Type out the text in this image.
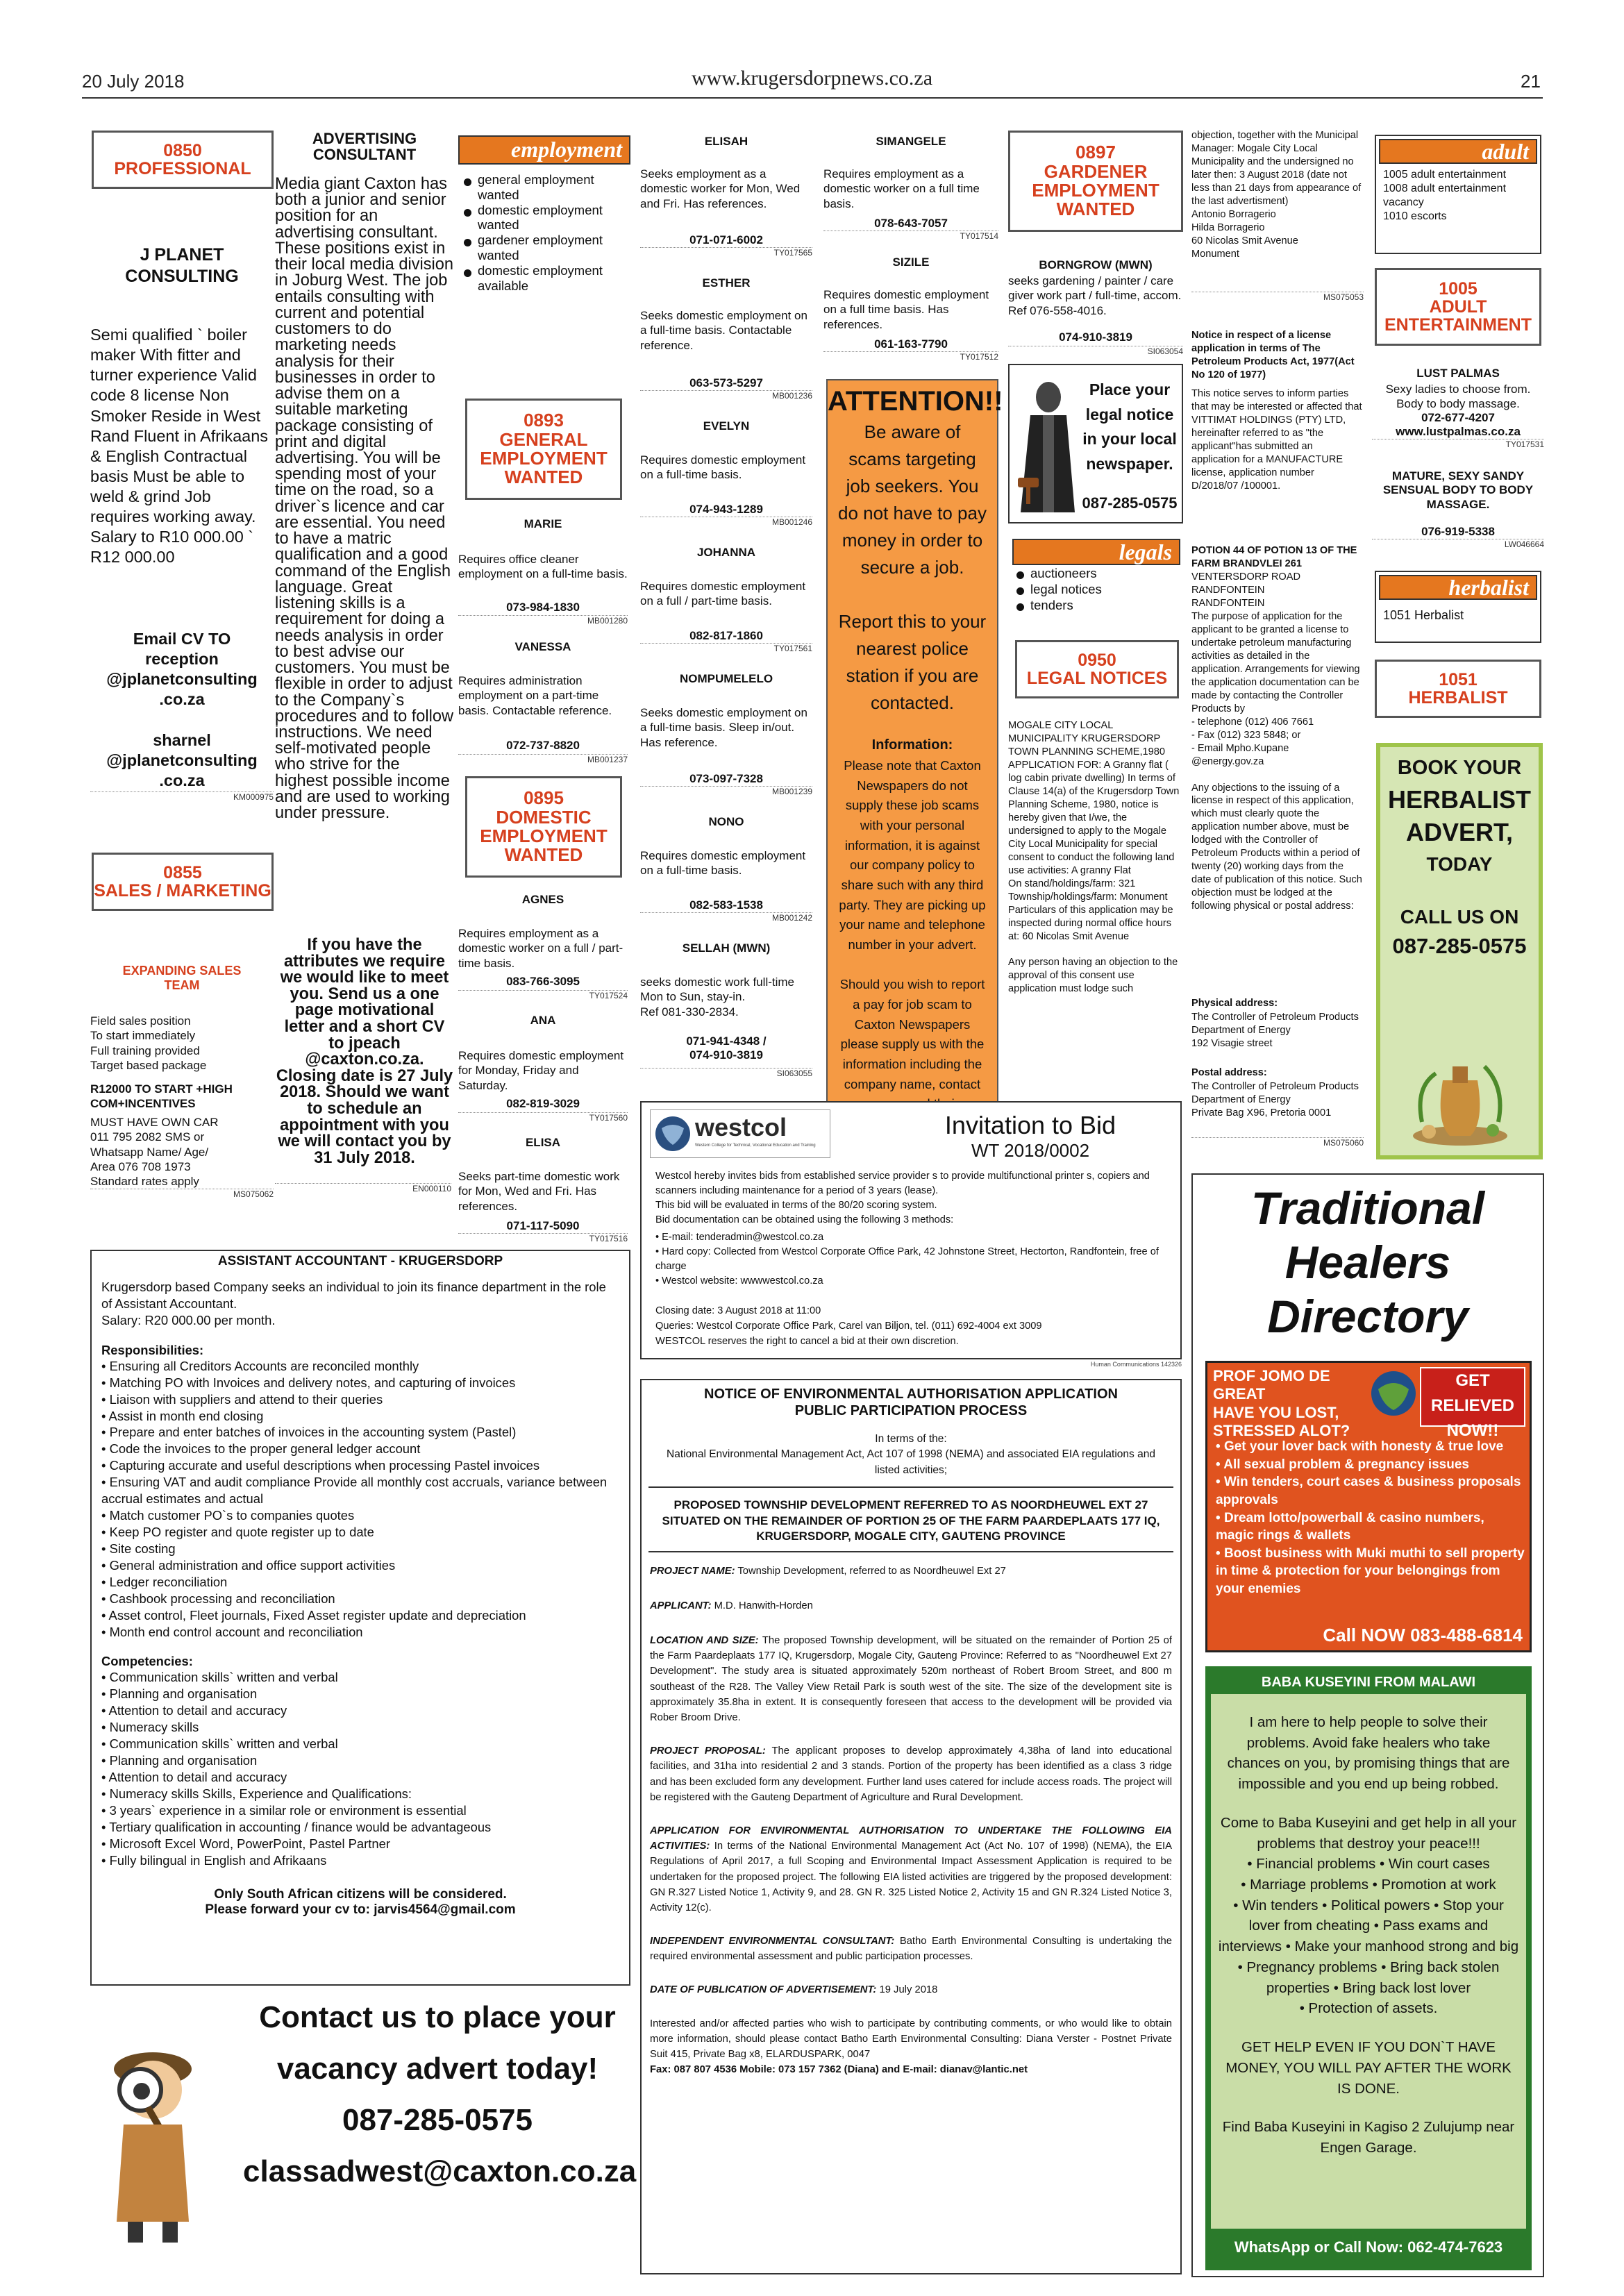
20 July 2018	www.krugersdorpnews.co.za	21
0850
PROFESSIONAL
J PLANET
CONSULTING
Semi qualified ` boiler maker With fitter and turner experience Valid code 8 license Non Smoker Reside in West Rand Fluent in Afrikaans & English Contractual basis Must be able to weld & grind Job requires working away. Salary to R10 000.00 ` R12 000.00
Email CV TO
reception
@jplanetconsulting
.co.za

sharnel
@jplanetconsulting
.co.za
KM000975
0855
SALES / MARKETING
EXPANDING SALES
TEAM
Field sales position
To start immediately
Full training provided
Target based package
R12000 TO START +HIGH COM+INCENTIVES
MUST HAVE OWN CAR
011 795 2082 SMS or
Whatsapp Name/ Age/
Area 076 708 1973
Standard rates apply
MS075062
ADVERTISING
CONSULTANT
Media giant Caxton has both a junior and senior position for an advertising consultant. These positions exist in their local media division in Joburg West. The job entails consulting with current and potential customers to do marketing needs analysis for their businesses in order to advise them on a suitable marketing package consisting of print and digital advertising. You will be spending most of your time on the road, so a driver`s licence and car are essential. You need to have a matric qualification and a good command of the English language. Great listening skills is a requirement for doing a needs analysis in order to best advise our customers. You must be flexible in order to adjust to the Company`s procedures and to follow instructions. We need self-motivated people who strive for the highest possible income and are used to working under pressure.
If you have the attributes we require we would like to meet you. Send us a one page motivational letter and a short CV to jpeach @caxton.co.za. Closing date is 27 July 2018. Should we want to schedule an appointment with you we will contact you by 31 July 2018.
EN000110
employment
general employment wanted
domestic employment wanted
gardener employment wanted
domestic employment available
0893
GENERAL
EMPLOYMENT
WANTED
MARIE
Requires office cleaner employment on a full-time basis.
073-984-1830
MB001280
VANESSA
Requires administration employment on a part-time basis. Contactable reference.
072-737-8820
MB001237
0895
DOMESTIC
EMPLOYMENT
WANTED
AGNES
Requires employment as a domestic worker on a full / part-time basis.
083-766-3095
TY017524
ANA
Requires domestic employment for Monday, Friday and Saturday.
082-819-3029
TY017560
ELISA
Seeks part-time domestic work for Mon, Wed and Fri. Has references.
071-117-5090
TY017516
ELISAH
Seeks employment as a domestic worker for Mon, Wed and Fri. Has references.
071-071-6002
TY017565
ESTHER
Seeks domestic employment on a full-time basis. Contactable reference.
063-573-5297
MB001236
EVELYN
Requires domestic employment on a full-time basis.
074-943-1289
MB001246
JOHANNA
Requires domestic employment on a full / part-time basis.
082-817-1860
TY017561
NOMPUMELELO
Seeks domestic employment on a full-time basis. Sleep in/out. Has reference.
073-097-7328
MB001239
NONO
Requires domestic employment on a full-time basis.
082-583-1538
MB001242
SELLAH (MWN)
seeks domestic work full-time Mon to Sun, stay-in.
Ref 081-330-2834.
071-941-4348 /
074-910-3819
SI063055
SIMANGELE
Requires employment as a domestic worker on a full time basis.
078-643-7057
TY017514
SIZILE
Requires domestic employment on a full time basis. Has references.
061-163-7790
TY017512
ATTENTION!!
Be aware of scams targeting job seekers. You do not have to pay money in order to secure a job.

Report this to your nearest police station if you are contacted.
Information:
Please note that Caxton Newspapers do not supply these job scams with your personal information, it is against our company policy to share such with any third party. They are picking up your name and telephone number in your advert.

Should you wish to report a pay for job scam to Caxton Newspapers please supply us with the information including the company name, contact
0897
GARDENER
EMPLOYMENT
WANTED
BORNGROW (MWN)
seeks gardening / painter / care giver work part / full-time, accom. Ref 076-558-4016.
074-910-3819
SI063054
Place your legal notice in your local newspaper.
087-285-0575
legals
auctioneers
legal notices
tenders
0950
LEGAL NOTICES
MOGALE CITY LOCAL MUNICIPALITY KRUGERSDORP TOWN PLANNING SCHEME,1980 APPLICATION FOR: A Granny flat ( log cabin private dwelling) In terms of Clause 14(a) of the Krugersdorp Town Planning Scheme, 1980, notice is hereby given that I/we, the undersigned to apply to the Mogale City Local Municipality for special consent to conduct the following land use activities: A granny Flat
On stand/holdings/farm: 321 Township/holdings/farm: Monument
Particulars of this application may be inspected during normal office hours at: 60 Nicolas Smit Avenue

Any person having an objection to the approval of this consent use application must lodge such
objection, together with the Municipal Manager: Mogale City Local Municipality and the undersigned no later then: 3 August 2018 (date not less than 21 days from appearance of the last advertisment)
Antonio Borragerio
Hilda Borragerio
60 Nicolas Smit Avenue
Monument
MS075053
Notice in respect of a license application in terms of The Petroleum Products Act, 1977(Act No 120 of 1977)
This notice serves to inform parties that may be interested or affected that VITTIMAT HOLDINGS (PTY) LTD, hereinafter referred to as "the applicant"has submitted an application for a MANUFACTURE license, application number D/2018/07 /100001.
POTION 44 OF POTION 13 OF THE FARM BRANDVLEI 261
VENTERSDORP ROAD
RANDFONTEIN
RANDFONTEIN
The purpose of application for the applicant to be granted a license to undertake petroleum manufacturing activities as detailed in the application. Arrangements for viewing the application documentation can be made by contacting the Controller Products by
- telephone (012) 406 7661
- Fax (012) 323 5848; or
- Email Mpho.Kupane @energy.gov.za

Any objections to the issuing of a license in respect of this application, which must clearly quote the application number above, must be lodged with the Controller of Petroleum Products within a period of twenty (20) working days from the date of publication of this notice. Such objection must be lodged at the following physical or postal address:
Physical address:
The Controller of Petroleum Products
Department of Energy
192 Visagie street
Postal address:
The Controller of Petroleum Products
Department of Energy
Private Bag X96, Pretoria 0001
MS075060
adult
1005 adult entertainment
1008 adult entertainment vacancy
1010 escorts
1005
ADULT
ENTERTAINMENT
LUST PALMAS
Sexy ladies to choose from. Body to body massage.
072-677-4207
www.lustpalmas.co.za
TY017531
MATURE, SEXY SANDY SENSUAL BODY TO BODY MASSAGE.
076-919-5338
LW046664
herbalist
1051 Herbalist
1051
HERBALIST
BOOK YOUR
HERBALIST ADVERT,
TODAY
CALL US ON
087-285-0575
westcol
Western College for Technical, Vocational Education and Training
Invitation to Bid
WT 2018/0002
Westcol hereby invites bids from established service provider s to provide multifunctional printer s, copiers and scanners including maintenance for a period of 3 years (lease).
This bid will be evaluated in terms of the 80/20 scoring system.
Bid documentation can be obtained using the following 3 methods:
• E-mail: tenderadmin@westcol.co.za
• Hard copy: Collected from Westcol Corporate Office Park, 42 Johnstone Street, Hectorton, Randfontein, free of charge
• Westcol website: wwwwestcol.co.za
Closing date: 3 August 2018 at 11:00
Queries: Westcol Corporate Office Park, Carel van Biljon, tel. (011) 692-4004 ext 3009
WESTCOL reserves the right to cancel a bid at their own discretion.
Human Communications 142326
ASSISTANT ACCOUNTANT - KRUGERSDORP
Krugersdorp based Company seeks an individual to join its finance department in the role of Assistant Accountant.
Salary: R20 000.00 per month.
Responsibilities:
• Ensuring all Creditors Accounts are reconciled monthly
• Matching PO with Invoices and delivery notes, and capturing of invoices
• Liaison with suppliers and attend to their queries
• Assist in month end closing
• Prepare and enter batches of invoices in the accounting system (Pastel)
• Code the invoices to the proper general ledger account
• Capturing accurate and useful descriptions when processing Pastel invoices
• Ensuring VAT and audit compliance Provide all monthly cost accruals, variance between accrual estimates and actual
• Match customer PO`s to companies quotes
• Keep PO register and quote register up to date
• Site costing
• General administration and office support activities
• Ledger reconciliation
• Cashbook processing and reconciliation
• Asset control, Fleet journals, Fixed Asset register update and depreciation
• Month end control account and reconciliation
Competencies:
• Communication skills` written and verbal
• Planning and organisation
• Attention to detail and accuracy
• Numeracy skills
• Communication skills` written and verbal
• Planning and organisation
• Attention to detail and accuracy
• Numeracy skills Skills, Experience and Qualifications:
• 3 years` experience in a similar role or environment is essential
• Tertiary qualification in accounting / finance would be advantageous
• Microsoft Excel Word, PowerPoint, Pastel Partner
• Fully bilingual in English and Afrikaans
Only South African citizens will be considered.
Please forward your cv to: jarvis4564@gmail.com
Contact us to place your
vacancy advert today!
087-285-0575
classadwest@caxton.co.za
NOTICE OF ENVIRONMENTAL AUTHORISATION APPLICATION
PUBLIC PARTICIPATION PROCESS
In terms of the:
National Environmental Management Act, Act 107 of 1998 (NEMA) and associated EIA regulations and listed activities;
PROPOSED TOWNSHIP DEVELOPMENT REFERRED TO AS NOORDHEUWEL EXT 27 SITUATED ON THE REMAINDER OF PORTION 25 OF THE FARM PAARDEPLAATS 177 IQ, KRUGERSDORP, MOGALE CITY, GAUTENG PROVINCE
PROJECT NAME: Township Development, referred to as Noordheuwel Ext 27
APPLICANT: M.D. Hanwith-Horden
LOCATION AND SIZE: The proposed Township development, will be situated on the remainder of Portion 25 of the Farm Paardeplaats 177 IQ, Krugersdorp, Mogale City, Gauteng Province: Referred to as "Noordheuwel Ext 27 Development". The study area is situated approximately 520m northeast of Robert Broom Street, and 800 m southeast of the R28. The Valley View Retail Park is south west of the site. The size of the development site is approximately 35.8ha in extent. It is consequently foreseen that access to the development will be provided via Rober Broom Drive.
PROJECT PROPOSAL: The applicant proposes to develop approximately 4,38ha of land into educational facilities, and 31ha into residential 2 and 3 stands. Portion of the property has been identified as a class 3 ridge and has been excluded form any development. Further land uses catered for include access roads. The project will be registered with the Gauteng Department of Agriculture and Rural Development.
APPLICATION FOR ENVIRONMENTAL AUTHORISATION TO UNDERTAKE THE FOLLOWING EIA ACTIVITIES: In terms of the National Environmental Management Act (Act No. 107 of 1998) (NEMA), the EIA Regulations of April 2017, a full Scoping and Environmental Impact Assessment Application is required to be undertaken for the proposed project. The following EIA listed activities are triggered by the proposed development: GN R.327 Listed Notice 1, Activity 9, and 28. GN R. 325 Listed Notice 2, Activity 15 and GN R.324 Listed Notice 3, Activity 12(c).
INDEPENDENT ENVIRONMENTAL CONSULTANT: Batho Earth Environmental Consulting is undertaking the required environmental assessment and public participation processes.
DATE OF PUBLICATION OF ADVERTISEMENT: 19 July 2018
Interested and/or affected parties who wish to participate by contributing comments, or who would like to obtain more information, should please contact Batho Earth Environmental Consulting: Diana Verster - Postnet Private Suit 415, Private Bag x8, ELARDUSPARK, 0047
Fax: 087 807 4536 Mobile: 073 157 7362 (Diana) and E-mail: dianav@lantic.net
Traditional
Healers
Directory
PROF JOMO DE GREAT
HAVE YOU LOST,
STRESSED ALOT?
GET RELIEVED
NOW!!
• Get your lover back with honesty & true love
• All sexual problem & pregnancy issues
• Win tenders, court cases & business proposals approvals
• Dream lotto/powerball & casino numbers, magic rings & wallets
• Boost business with Muki muthi to sell property in time & protection for your belongings from your enemies
Call NOW 083-488-6814
BABA KUSEYINI FROM MALAWI
I am here to help people to solve their problems. Avoid fake healers who take chances on you, by promising things that are impossible and you end up being robbed.
Come to Baba Kuseyini and get help in all your problems that destroy your peace!!!
• Financial problems • Win court cases
• Marriage problems • Promotion at work
• Win tenders • Political powers • Stop your lover from cheating • Pass exams and interviews • Make your manhood strong and big • Pregnancy problems • Bring back stolen properties • Bring back lost lover
• Protection of assets.
GET HELP EVEN IF YOU DON`T HAVE MONEY, YOU WILL PAY AFTER THE WORK IS DONE.
Find Baba Kuseyini in Kagiso 2 Zulujump near Engen Garage.
WhatsApp or Call Now: 062-474-7623
